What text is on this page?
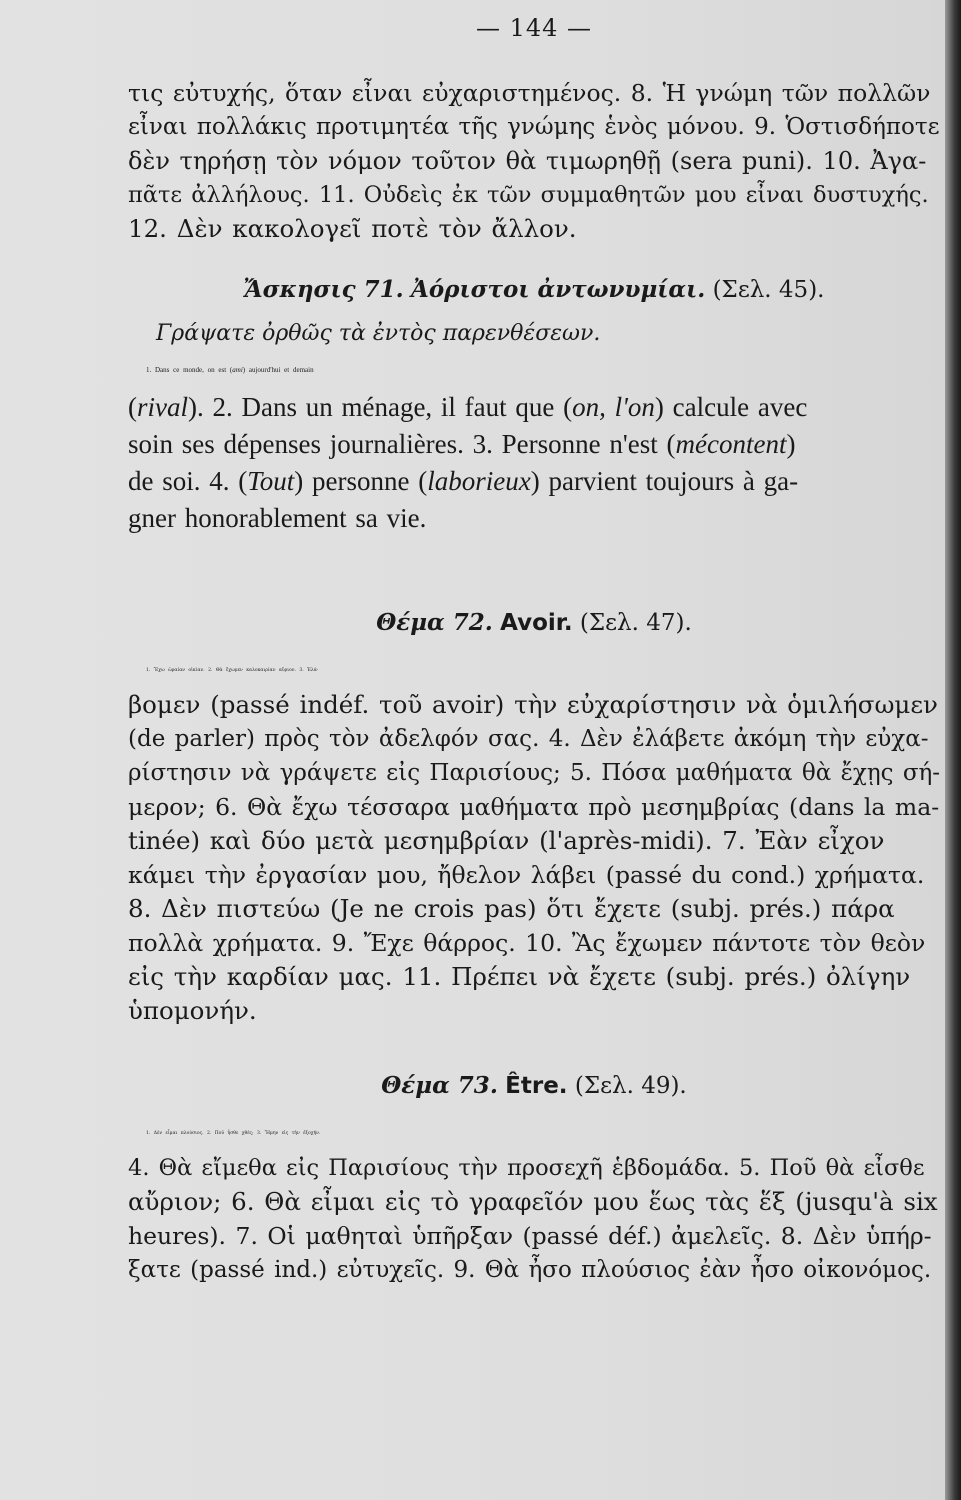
— 144 —
τις εὐτυχής, ὅταν εἶναι εὐχαριστημένος. 8. Ἡ γνώμη τῶν πολλῶν
εἶναι πολλάκις προτιμητέα τῆς γνώμης ἑνὸς μόνου. 9. Ὁστισδήποτε
δὲν τηρήσῃ τὸν νόμον τοῦτον θὰ τιμωρηθῇ (sera puni). 10. Ἀγα-
πᾶτε ἀλλήλους. 11. Οὐδεὶς ἐκ τῶν συμμαθητῶν μου εἶναι δυστυχής.
12. Δὲν κακολογεῖ ποτὲ τὸν ἄλλον.
Ἄσκησις 71. Ἀόριστοι ἀντωνυμίαι. (Σελ. 45).
Γράψατε ὀρθῶς τὰ ἐντὸς παρενθέσεων.
1. Dans ce monde, on est (ami) aujourd'hui et demain
(rival). 2. Dans un ménage, il faut que (on, l'on) calcule avec
soin ses dépenses journalières. 3. Personne n'est (mécontent)
de soi. 4. (Tout) personne (laborieux) parvient toujours à ga-
gner honorablement sa vie.
Θέμα 72. Avoir. (Σελ. 47).
1. Ἔχω ὡραίαν οἰκίαν. 2. Θὰ ἔχωμεν καλοκαιρίαν αὔριον. 3. Ἐλά-
βομεν (passé indéf. τοῦ avoir) τὴν εὐχαρίστησιν νὰ ὁμιλήσωμεν
(de parler) πρὸς τὸν ἀδελφόν σας. 4. Δὲν ἐλάβετε ἀκόμη τὴν εὐχα-
ρίστησιν νὰ γράψετε εἰς Παρισίους; 5. Πόσα μαθήματα θὰ ἔχῃς σή-
μερον; 6. Θὰ ἔχω τέσσαρα μαθήματα πρὸ μεσημβρίας (dans la ma-
tinée) καὶ δύο μετὰ μεσημβρίαν (l'après-midi). 7. Ἐὰν εἶχον
κάμει τὴν ἐργασίαν μου, ἤθελον λάβει (passé du cond.) χρήματα.
8. Δὲν πιστεύω (Je ne crois pas) ὅτι ἔχετε (subj. prés.) πάρα
πολλὰ χρήματα. 9. Ἔχε θάρρος. 10. Ἂς ἔχωμεν πάντοτε τὸν θεὸν
εἰς τὴν καρδίαν μας. 11. Πρέπει νὰ ἔχετε (subj. prés.) ὀλίγην
ὑπομονήν.
Θέμα 73. Être. (Σελ. 49).
1. Δὲν εἶμαι πλούσιος. 2. Ποῦ ἦσθε χθές; 3. Ἤμην εἰς τὴν ἐξοχήν.
4. Θὰ εἴμεθα εἰς Παρισίους τὴν προσεχῆ ἑβδομάδα. 5. Ποῦ θὰ εἶσθε
αὔριον; 6. Θὰ εἶμαι εἰς τὸ γραφεῖόν μου ἕως τὰς ἕξ (jusqu'à six
heures). 7. Οἱ μαθηταὶ ὑπῆρξαν (passé déf.) ἀμελεῖς. 8. Δὲν ὑπήρ-
ξατε (passé ind.) εὐτυχεῖς. 9. Θὰ ἦσο πλούσιος ἐὰν ἦσο οἰκονόμος.
